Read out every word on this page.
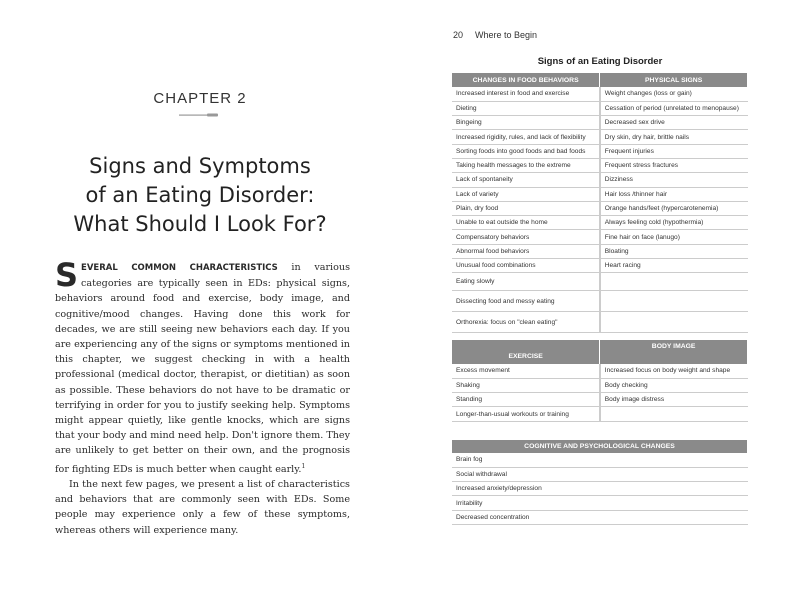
CHAPTER 2
Signs and Symptoms
of an Eating Disorder:
What Should I Look For?

SEVERAL COMMON CHARACTERISTICS in various categories are typically seen in EDs: physical signs, behaviors around food and exercise, body image, and cognitive/mood changes. Having done this work for decades, we are still seeing new behaviors each day. If you are experiencing any of the signs or symptoms mentioned in this chapter, we suggest checking in with a health professional (medical doctor, therapist, or dietitian) as soon as possible. These behaviors do not have to be dramatic or terrifying in order for you to justify seeking help. Symptoms might appear quietly, like gentle knocks, which are signs that your body and mind need help. Don't ignore them. They are unlikely to get better on their own, and the prognosis for fighting EDs is much better when caught early.$^1$

In the next few pages, we present a list of characteristics and behaviors that are commonly seen with EDs. Some people may experience only a few of these symptoms, whereas others will experience many.

20 Where to Begin
Signs of an Eating Disorder
CHANGES IN FOOD BEHAVIORS	PHYSICAL SIGNS
Increased interest in food and exercise	Weight changes (loss or gain)
Dieting	Cessation of period (unrelated to menopause)
Bingeing	Decreased sex drive
Increased rigidity, rules, and lack of flexibility	Dry skin, dry hair, brittle nails
Sorting foods into good foods and bad foods	Frequent injuries
Taking health messages to the extreme	Frequent stress fractures
Lack of spontaneity	Dizziness
Lack of variety	Hair loss /thinner hair
Plain, dry food	Orange hands/feet (hypercarotenemia)
Unable to eat outside the home	Always feeling cold (hypothermia)
Compensatory behaviors	Fine hair on face (lanugo)
Abnormal food behaviors	Bloating
Unusual food combinations	Heart racing
Eating slowly	
Dissecting food and messy eating	
Orthorexia: focus on "clean eating"	
EXERCISE	BODY IMAGE
Excess movement	Increased focus on body weight and shape
Shaking	Body checking
Standing	Body image distress
Longer-than-usual workouts or training	
COGNITIVE AND PSYCHOLOGICAL CHANGES
Brain fog
Social withdrawal
Increased anxiety/depression
Irritability
Decreased concentration
